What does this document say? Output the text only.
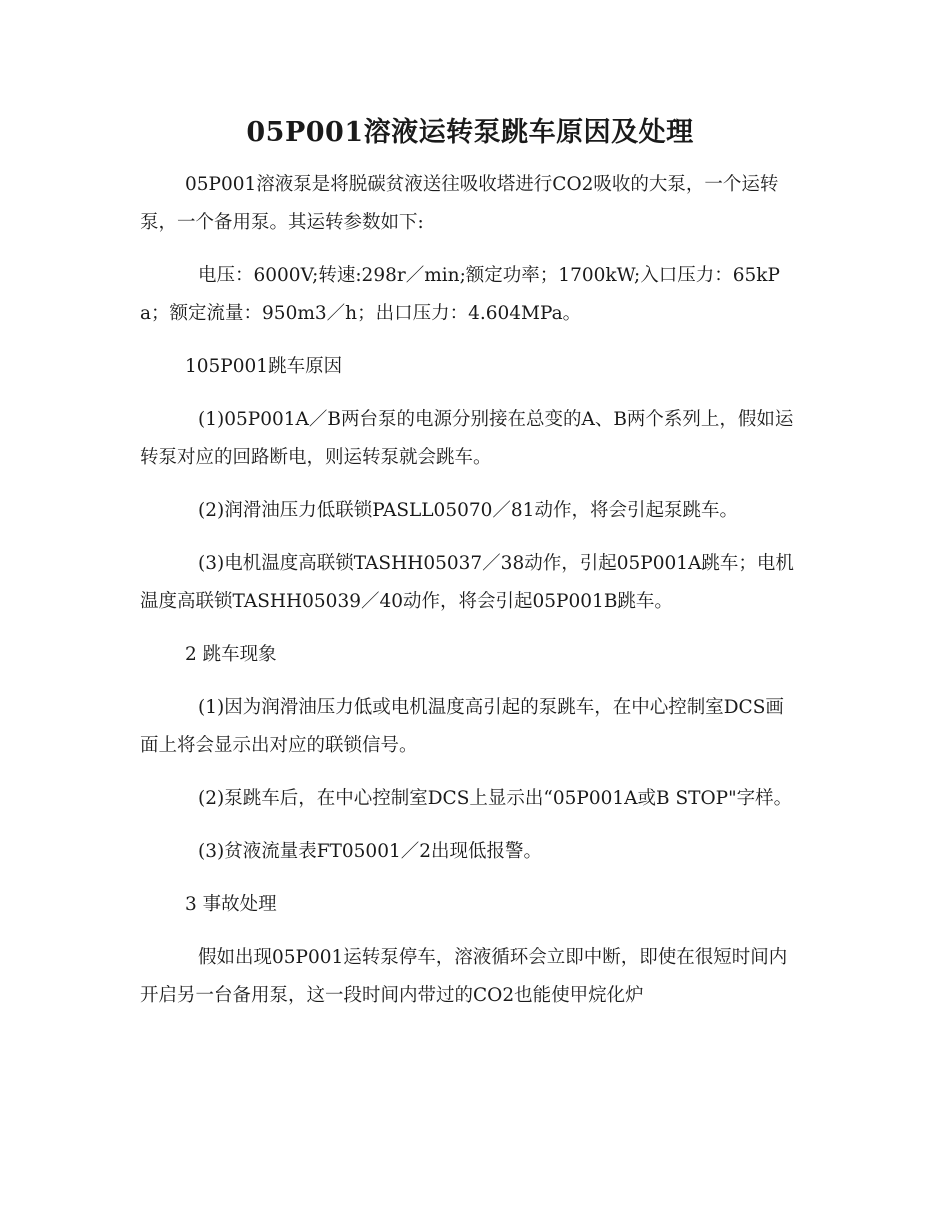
05P001溶液运转泵跳车原因及处理

05P001溶液泵是将脱碳贫液送往吸收塔进行CO2吸收的大泵，一个运转泵，一个备用泵。其运转参数如下:

电压：6000V;转速:298r／min;额定功率；1700kW;入口压力：65kPa；额定流量：950m3／h；出口压力：4.604MPa。

105P001跳车原因

(1)05P001A／B两台泵的电源分别接在总变的A、B两个系列上，假如运转泵对应的回路断电，则运转泵就会跳车。

(2)润滑油压力低联锁PASLL05070／81动作，将会引起泵跳车。

(3)电机温度高联锁TASHH05037／38动作，引起05P001A跳车；电机温度高联锁TASHH05039／40动作，将会引起05P001B跳车。

2 跳车现象

(1)因为润滑油压力低或电机温度高引起的泵跳车，在中心控制室DCS画面上将会显示出对应的联锁信号。

(2)泵跳车后，在中心控制室DCS上显示出“05P001A或B STOP"字样。

(3)贫液流量表FT05001／2出现低报警。

3 事故处理

假如出现05P001运转泵停车，溶液循环会立即中断，即使在很短时间内开启另一台备用泵，这一段时间内带过的CO2也能使甲烷化炉
